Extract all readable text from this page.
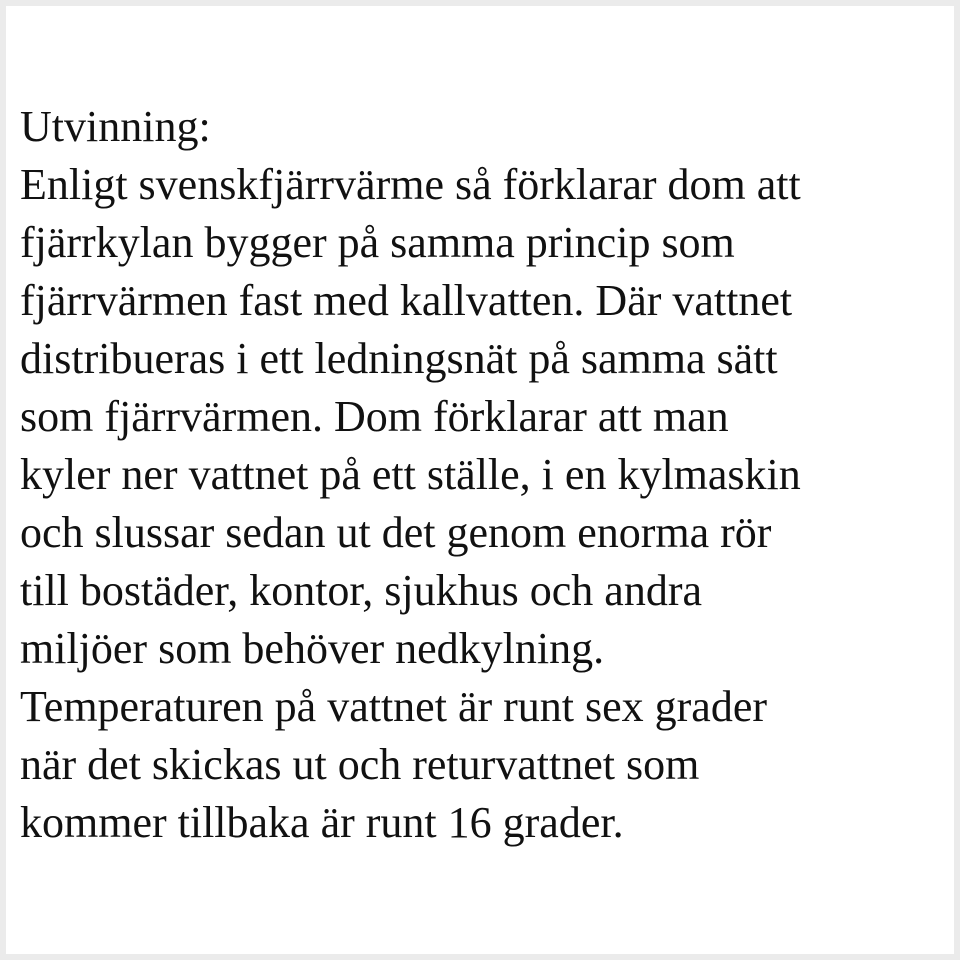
Utvinning:
Enligt svenskfjärrvärme så förklarar dom att
fjärrkylan bygger på samma princip som
fjärrvärmen fast med kallvatten. Där vattnet
distribueras i ett ledningsnät på samma sätt
som fjärrvärmen. Dom förklarar att man
kyler ner vattnet på ett ställe, i en kylmaskin
och slussar sedan ut det genom enorma rör
till bostäder, kontor, sjukhus och andra
miljöer som behöver nedkylning.
Temperaturen på vattnet är runt sex grader
när det skickas ut och returvattnet som
kommer tillbaka är runt 16 grader.
